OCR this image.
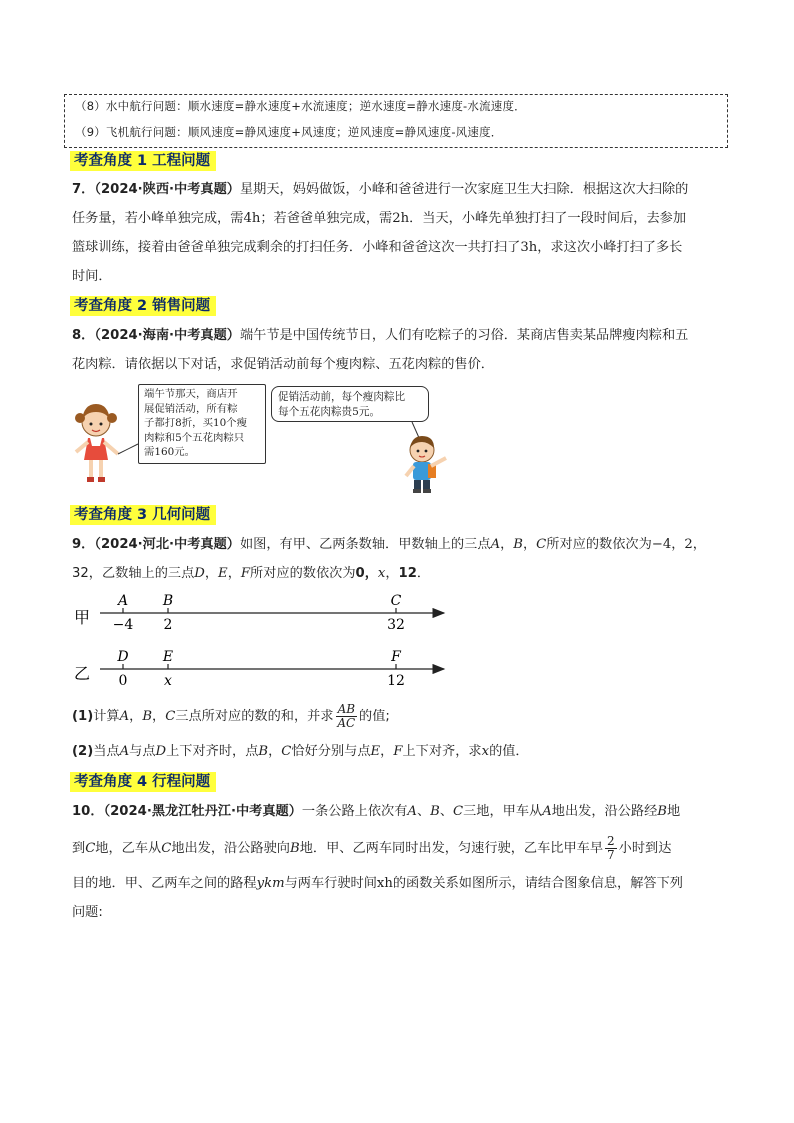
（8）水中航行问题：顺水速度=静水速度+水流速度；逆水速度=静水速度-水流速度．
（9）飞机航行问题：顺风速度=静风速度+风速度；逆风速度=静风速度-风速度．
考查角度 1 工程问题
7．（2024·陕西·中考真题）星期天，妈妈做饭，小峰和爸爸进行一次家庭卫生大扫除．根据这次大扫除的
任务量，若小峰单独完成，需4h；若爸爸单独完成，需2h．当天，小峰先单独打扫了一段时间后，去参加
篮球训练，接着由爸爸单独完成剩余的打扫任务．小峰和爸爸这次一共打扫了3h，求这次小峰打扫了多长
时间．
考查角度 2 销售问题
8．（2024·海南·中考真题）端午节是中国传统节日，人们有吃粽子的习俗．某商店售卖某品牌瘦肉粽和五
花肉粽．请依据以下对话，求促销活动前每个瘦肉粽、五花肉粽的售价．
端午节那天，商店开
展促销活动，所有粽
子都打8折，买10个瘦
肉粽和5个五花肉粽只
需160元。
促销活动前，每个瘦肉粽比
每个五花肉粽贵5元。
考查角度 3 几何问题
9．（2024·河北·中考真题）如图，有甲、乙两条数轴．甲数轴上的三点A，B，C所对应的数依次为−4，2，
32，乙数轴上的三点D，E，F所对应的数依次为0，x，12．
甲
A B	C
−4 2	32
乙
D E	F
0	x	12
(1)计算A，B，C三点所对应的数的和，并求 $\frac{AB}{AC}$ 的值;
(2)当点A与点D上下对齐时，点B，C恰好分别与点E，F上下对齐，求x的值．
考查角度 4 行程问题
10．（2024·黑龙江牡丹江·中考真题）一条公路上依次有A、B、C三地，甲车从A地出发，沿公路经B地
到C地，乙车从C地出发，沿公路驶向B地．甲、乙两车同时出发，匀速行驶，乙车比甲车早 $\frac{2}{7}$ 小时到达
目的地．甲、乙两车之间的路程ykm与两车行驶时间xh的函数关系如图所示，请结合图象信息，解答下列
问题:
